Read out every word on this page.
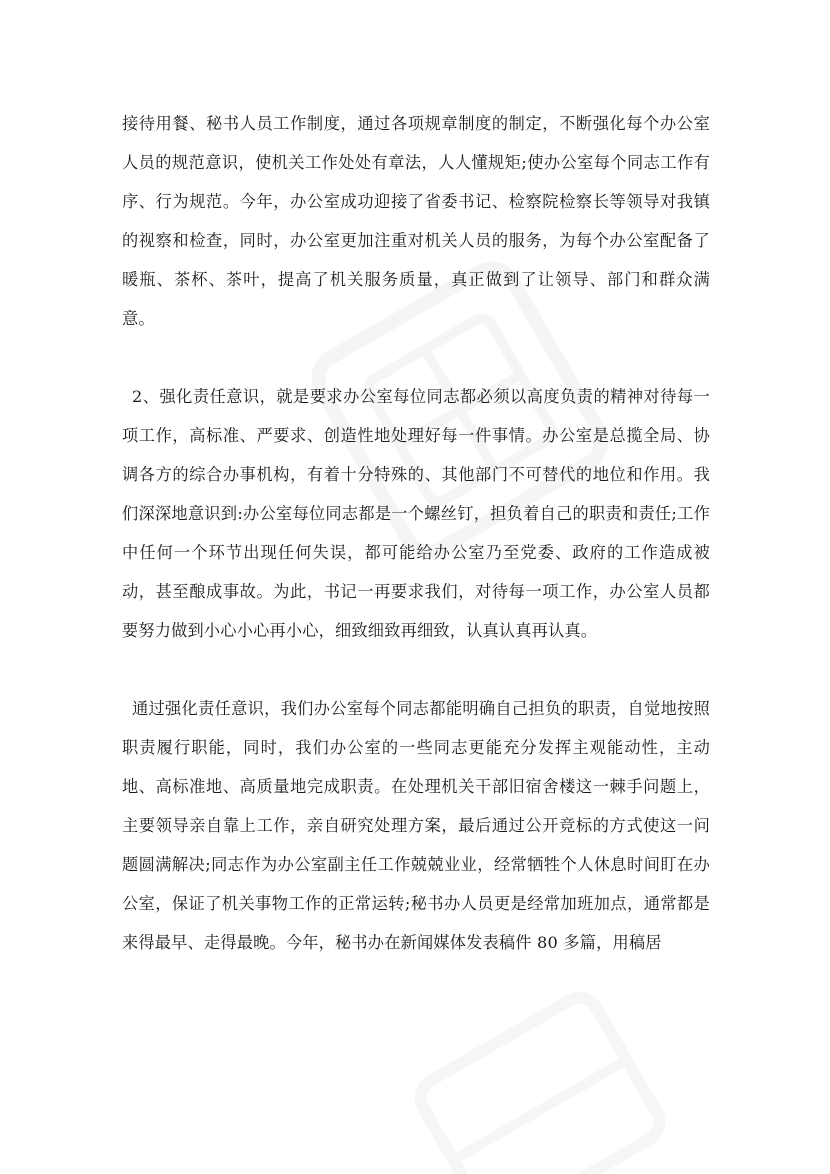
接待用餐、秘书人员工作制度，通过各项规章制度的制定，不断强化每个办公室人员的规范意识，使机关工作处处有章法，人人懂规矩;使办公室每个同志工作有序、行为规范。今年，办公室成功迎接了省委书记、检察院检察长等领导对我镇的视察和检查，同时，办公室更加注重对机关人员的服务，为每个办公室配备了暖瓶、茶杯、茶叶，提高了机关服务质量，真正做到了让领导、部门和群众满意。

2、强化责任意识，就是要求办公室每位同志都必须以高度负责的精神对待每一项工作，高标准、严要求、创造性地处理好每一件事情。办公室是总揽全局、协调各方的综合办事机构，有着十分特殊的、其他部门不可替代的地位和作用。我们深深地意识到:办公室每位同志都是一个螺丝钉，担负着自己的职责和责任;工作中任何一个环节出现任何失误，都可能给办公室乃至党委、政府的工作造成被动，甚至酿成事故。为此，书记一再要求我们，对待每一项工作，办公室人员都要努力做到小心小心再小心，细致细致再细致，认真认真再认真。

通过强化责任意识，我们办公室每个同志都能明确自己担负的职责，自觉地按照职责履行职能，同时，我们办公室的一些同志更能充分发挥主观能动性，主动地、高标准地、高质量地完成职责。在处理机关干部旧宿舍楼这一棘手问题上，主要领导亲自靠上工作，亲自研究处理方案，最后通过公开竞标的方式使这一问题圆满解决;同志作为办公室副主任工作兢兢业业，经常牺牲个人休息时间盯在办公室，保证了机关事物工作的正常运转;秘书办人员更是经常加班加点，通常都是来得最早、走得最晚。今年，秘书办在新闻媒体发表稿件 80 多篇，用稿居
